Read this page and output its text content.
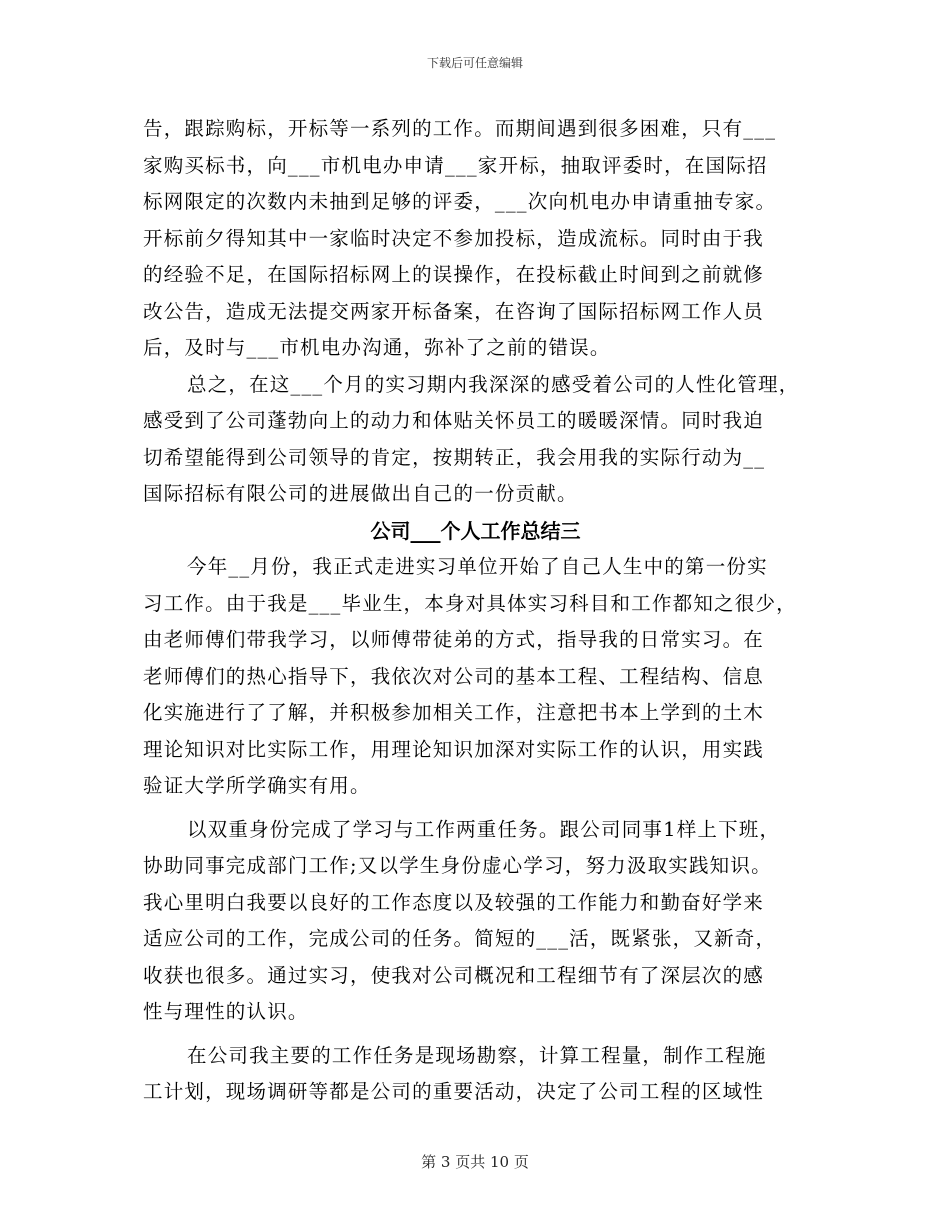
下载后可任意编辑
告，跟踪购标，开标等一系列的工作。而期间遇到很多困难，只有___
家购买标书，向___市机电办申请___家开标，抽取评委时，在国际招
标网限定的次数内未抽到足够的评委，___次向机电办申请重抽专家。
开标前夕得知其中一家临时决定不参加投标，造成流标。同时由于我
的经验不足，在国际招标网上的误操作，在投标截止时间到之前就修
改公告，造成无法提交两家开标备案，在咨询了国际招标网工作人员
后，及时与___市机电办沟通，弥补了之前的错误。
总之，在这___个月的实习期内我深深的感受着公司的人性化管理，
感受到了公司蓬勃向上的动力和体贴关怀员工的暖暖深情。同时我迫
切希望能得到公司领导的肯定，按期转正，我会用我的实际行动为__
国际招标有限公司的进展做出自己的一份贡献。
公司___个人工作总结三
今年__月份，我正式走进实习单位开始了自己人生中的第一份实
习工作。由于我是___毕业生，本身对具体实习科目和工作都知之很少，
由老师傅们带我学习，以师傅带徒弟的方式，指导我的日常实习。在
老师傅们的热心指导下，我依次对公司的基本工程、工程结构、信息
化实施进行了了解，并积极参加相关工作，注意把书本上学到的土木
理论知识对比实际工作，用理论知识加深对实际工作的认识，用实践
验证大学所学确实有用。
以双重身份完成了学习与工作两重任务。跟公司同事1样上下班，
协助同事完成部门工作;又以学生身份虚心学习，努力汲取实践知识。
我心里明白我要以良好的工作态度以及较强的工作能力和勤奋好学来
适应公司的工作，完成公司的任务。简短的___活，既紧张，又新奇，
收获也很多。通过实习，使我对公司概况和工程细节有了深层次的感
性与理性的认识。
在公司我主要的工作任务是现场勘察，计算工程量，制作工程施
工计划，现场调研等都是公司的重要活动，决定了公司工程的区域性
第 3 页共 10 页
